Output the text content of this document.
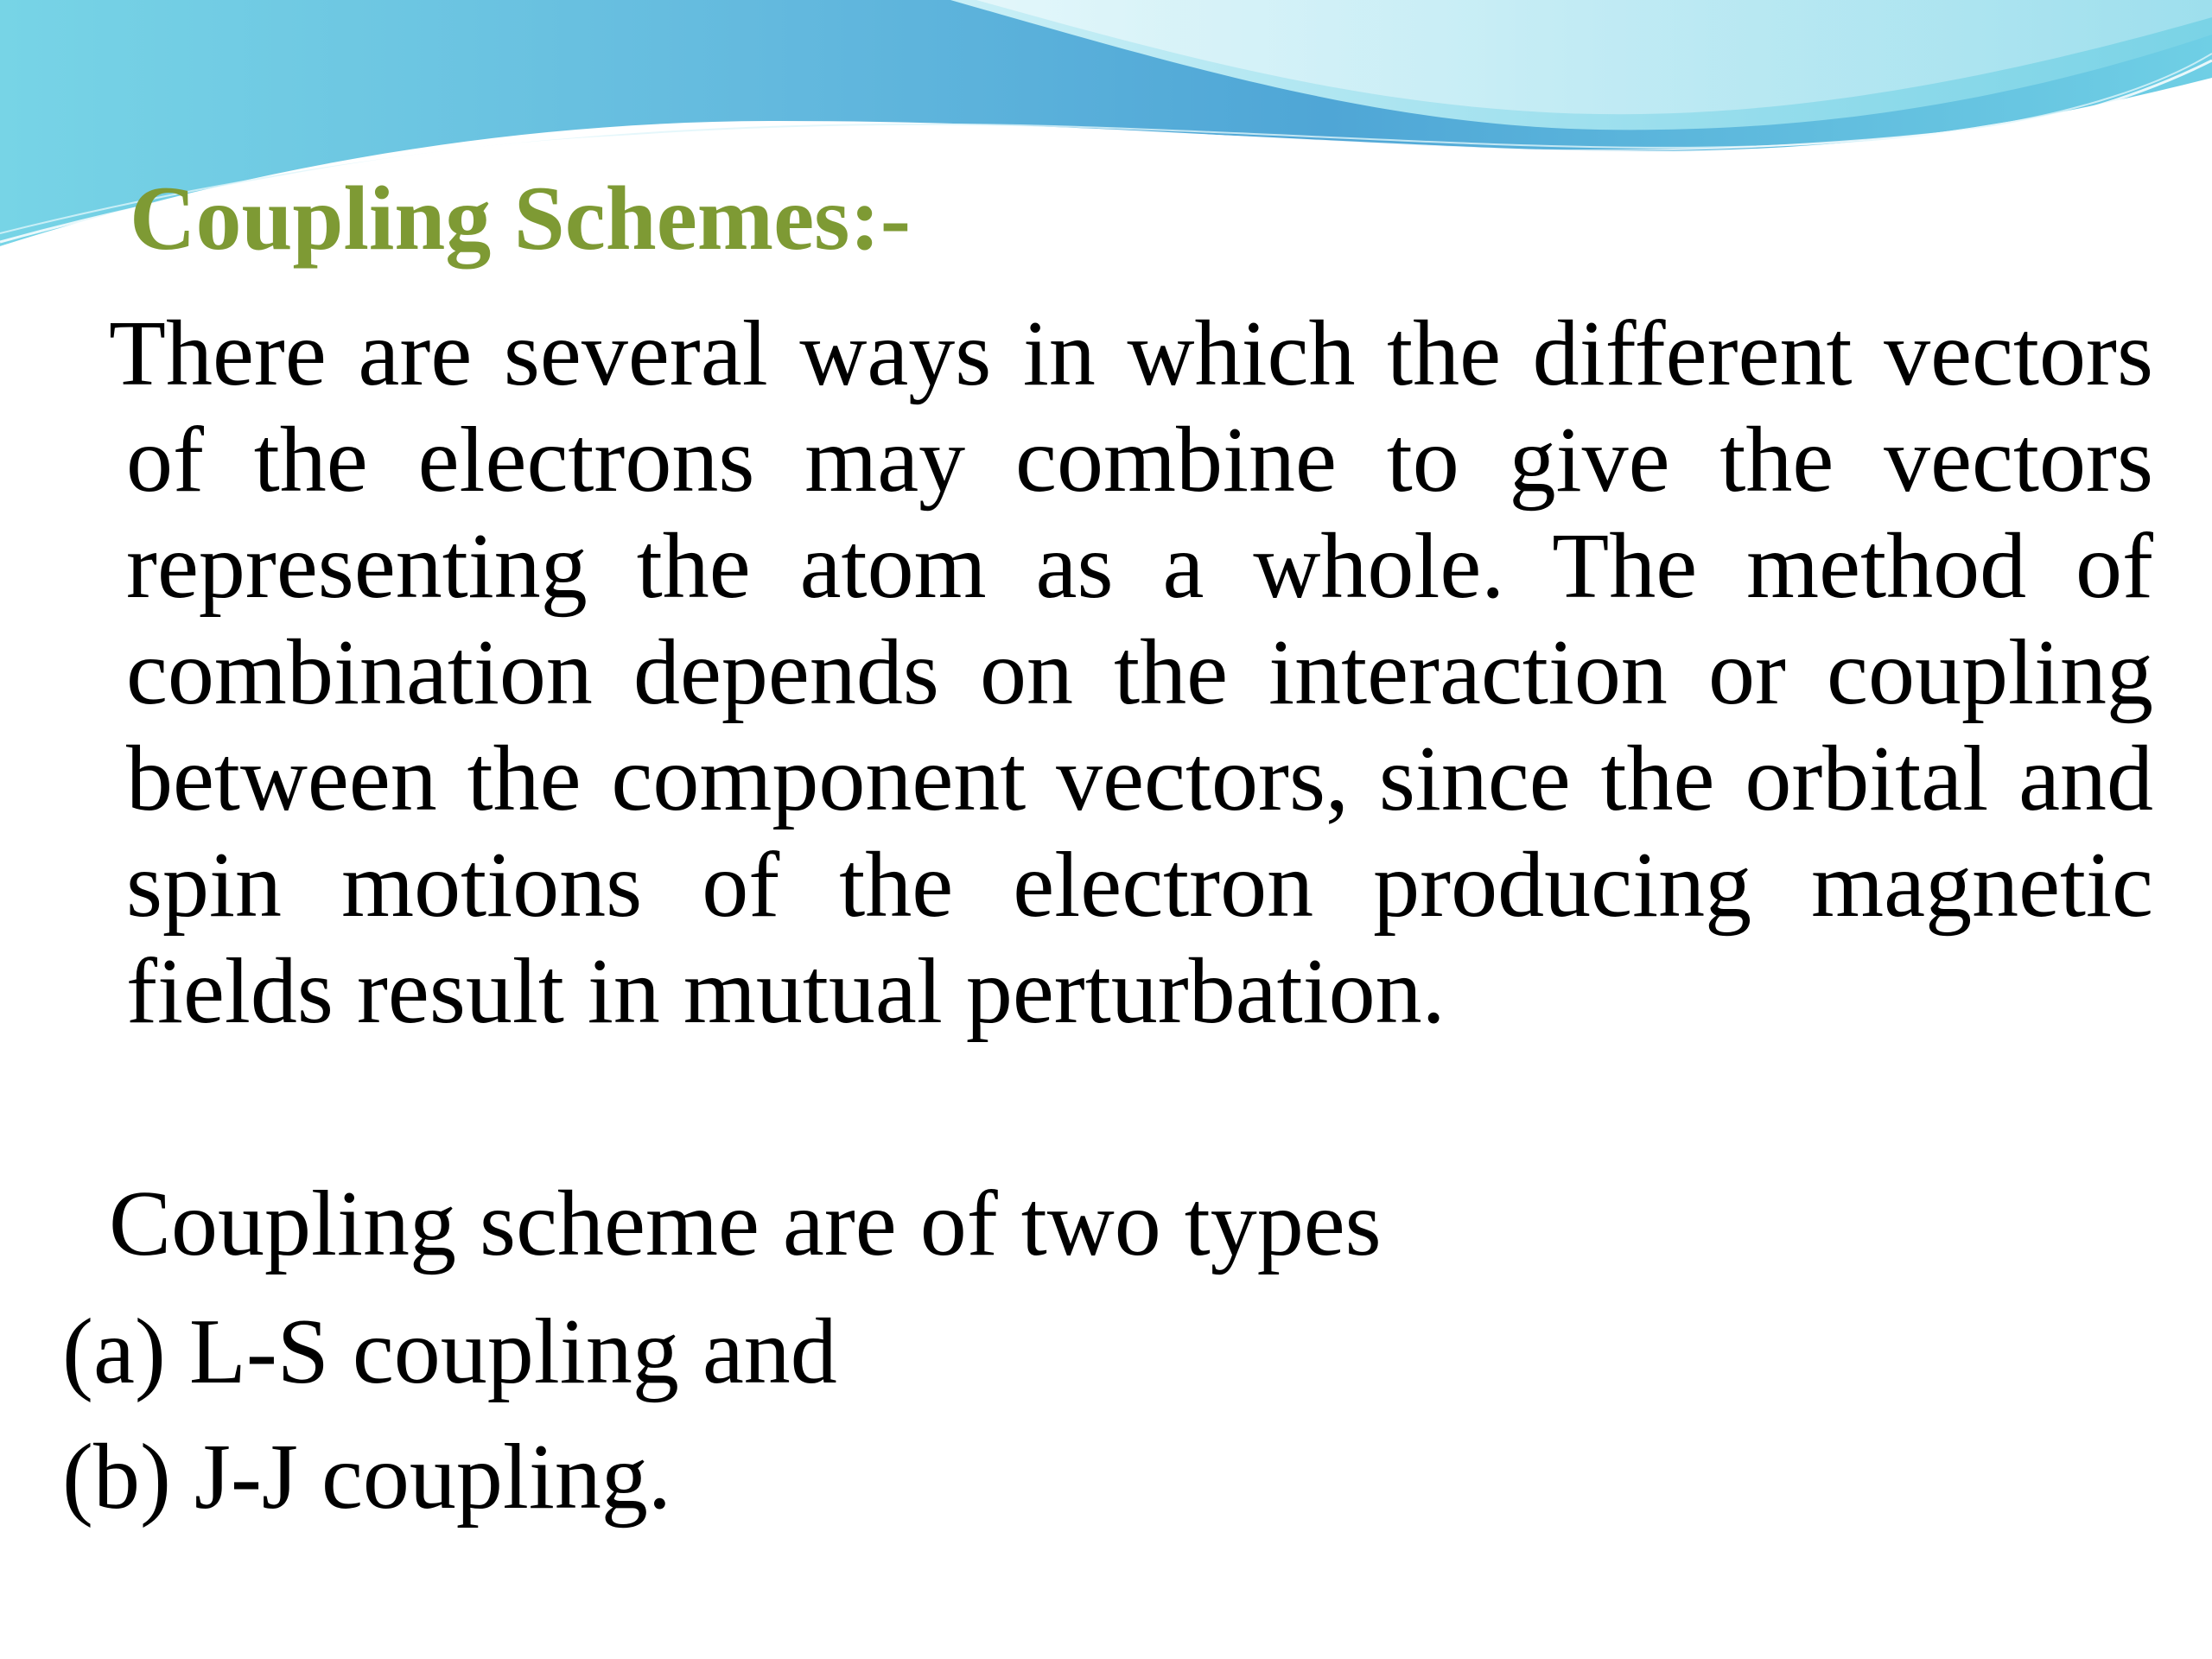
Coupling Schemes:-
There are several ways in which the different vectors of the electrons may combine to give the vectors representing the atom as a whole. The method of combination depends on the interaction or coupling between the component vectors, since the orbital and spin motions of the electron producing magnetic fields result in mutual perturbation.
Coupling scheme are of two types
(a) L-S coupling and
(b) J-J coupling.
